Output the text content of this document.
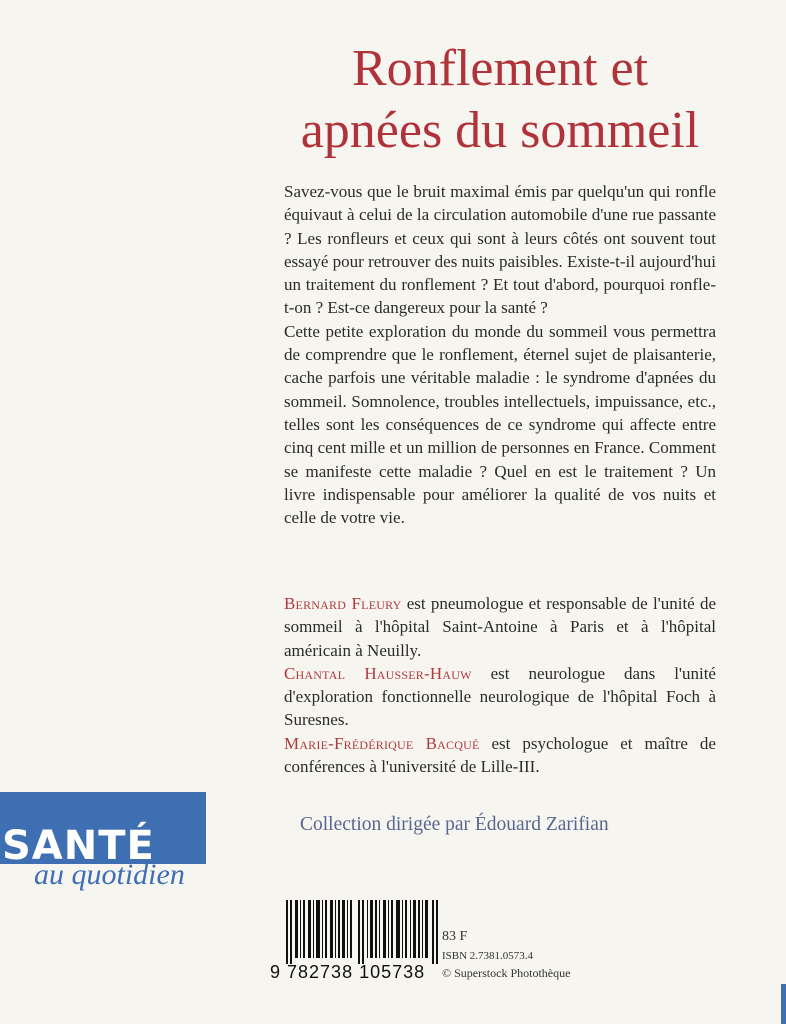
Ronflement et
apnées du sommeil

Savez-vous que le bruit maximal émis par quelqu'un qui ronfle équivaut à celui de la circulation automobile d'une rue passante ? Les ronfleurs et ceux qui sont à leurs côtés ont souvent tout essayé pour retrouver des nuits paisibles. Existe-t-il aujourd'hui un traitement du ronflement ? Et tout d'abord, pourquoi ronfle-t-on ? Est-ce dangereux pour la santé ?

Cette petite exploration du monde du sommeil vous permettra de comprendre que le ronflement, éternel sujet de plaisanterie, cache parfois une véritable maladie : le syndrome d'apnées du sommeil. Somnolence, troubles intellectuels, impuissance, etc., telles sont les conséquences de ce syndrome qui affecte entre cinq cent mille et un million de personnes en France. Comment se manifeste cette maladie ? Quel en est le traitement ? Un livre indispensable pour améliorer la qualité de vos nuits et celle de votre vie.

Bernard Fleury est pneumologue et responsable de l'unité de sommeil à l'hôpital Saint-Antoine à Paris et à l'hôpital américain à Neuilly.

Chantal Hausser-Hauw est neurologue dans l'unité d'exploration fonctionnelle neurologique de l'hôpital Foch à Suresnes.

Marie-Frédérique Bacqué est psychologue et maître de conférences à l'université de Lille-III.

Collection dirigée par Édouard Zarifian
SANTÉ
au quotidien
9 782738 105738
83 F
ISBN 2.7381.0573.4
© Superstock Photothèque
